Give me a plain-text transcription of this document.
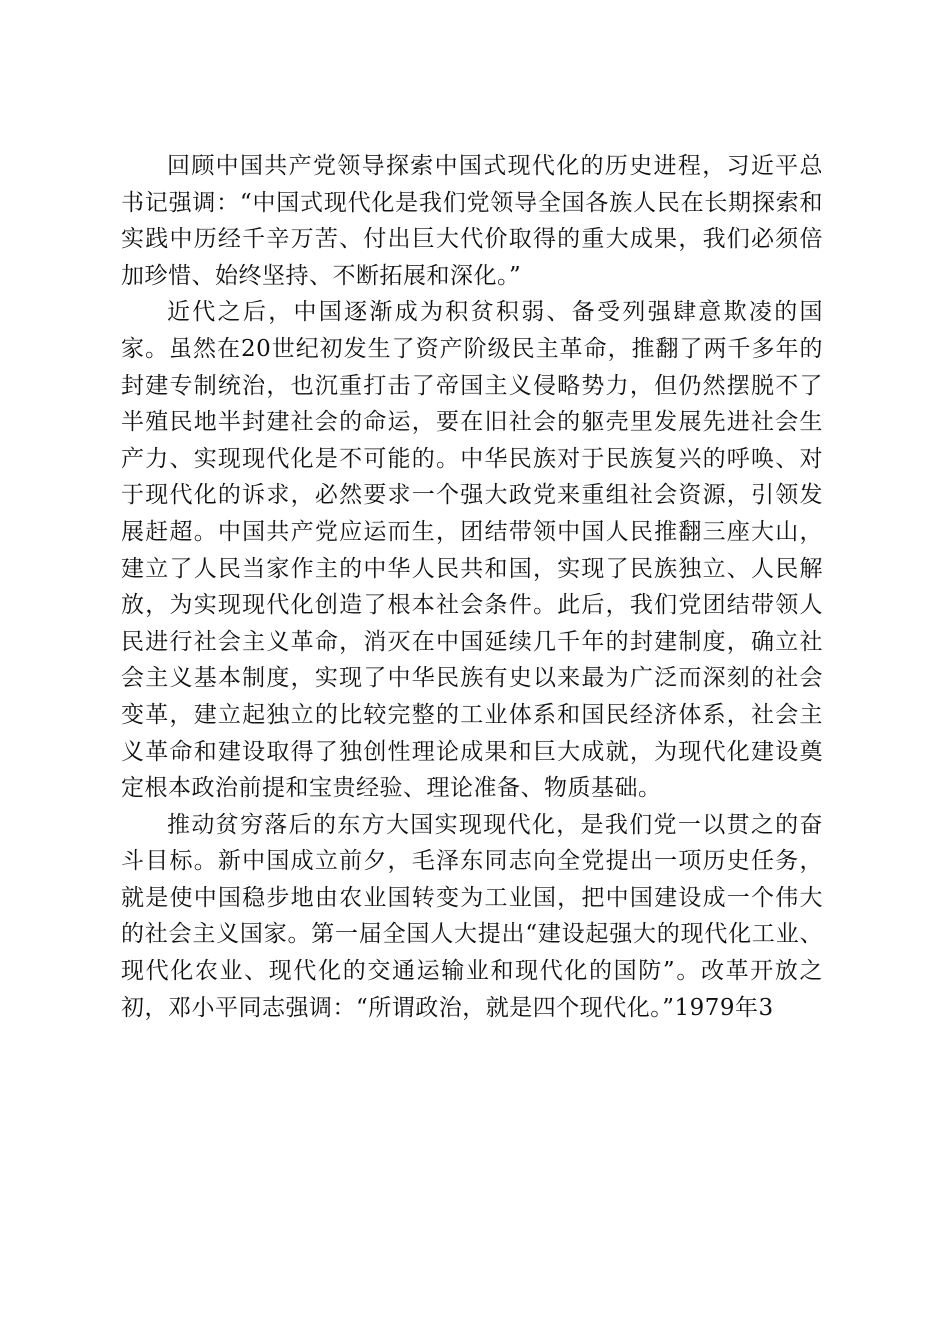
回顾中国共产党领导探索中国式现代化的历史进程，习近平总书记强调：“中国式现代化是我们党领导全国各族人民在长期探索和实践中历经千辛万苦、付出巨大代价取得的重大成果，我们必须倍加珍惜、始终坚持、不断拓展和深化。”

近代之后，中国逐渐成为积贫积弱、备受列强肆意欺凌的国家。虽然在20世纪初发生了资产阶级民主革命，推翻了两千多年的封建专制统治，也沉重打击了帝国主义侵略势力，但仍然摆脱不了半殖民地半封建社会的命运，要在旧社会的躯壳里发展先进社会生产力、实现现代化是不可能的。中华民族对于民族复兴的呼唤、对于现代化的诉求，必然要求一个强大政党来重组社会资源，引领发展赶超。中国共产党应运而生，团结带领中国人民推翻三座大山，建立了人民当家作主的中华人民共和国，实现了民族独立、人民解放，为实现现代化创造了根本社会条件。此后，我们党团结带领人民进行社会主义革命，消灭在中国延续几千年的封建制度，确立社会主义基本制度，实现了中华民族有史以来最为广泛而深刻的社会变革，建立起独立的比较完整的工业体系和国民经济体系，社会主义革命和建设取得了独创性理论成果和巨大成就，为现代化建设奠定根本政治前提和宝贵经验、理论准备、物质基础。

推动贫穷落后的东方大国实现现代化，是我们党一以贯之的奋斗目标。新中国成立前夕，毛泽东同志向全党提出一项历史任务，就是使中国稳步地由农业国转变为工业国，把中国建设成一个伟大的社会主义国家。第一届全国人大提出“建设起强大的现代化工业、现代化农业、现代化的交通运输业和现代化的国防”。改革开放之初，邓小平同志强调：“所谓政治，就是四个现代化。”1979年3
